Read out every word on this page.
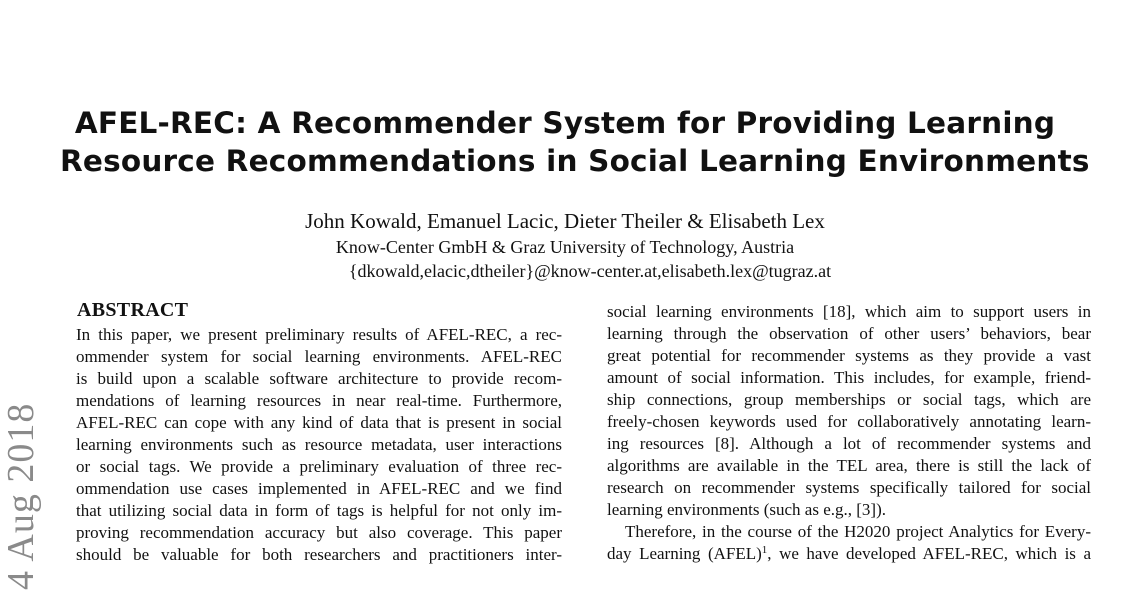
AFEL-REC: A Recommender System for Providing Learning
Resource Recommendations in Social Learning Environments
John Kowald, Emanuel Lacic, Dieter Theiler & Elisabeth Lex
Know-Center GmbH & Graz University of Technology, Austria
{dkowald,elacic,dtheiler}@know-center.at,elisabeth.lex@tugraz.at
4 Aug 2018
ABSTRACT
In this paper, we present preliminary results of AFEL-REC, a rec-
ommender system for social learning environments. AFEL-REC
is build upon a scalable software architecture to provide recom-
mendations of learning resources in near real-time. Furthermore,
AFEL-REC can cope with any kind of data that is present in social
learning environments such as resource metadata, user interactions
or social tags. We provide a preliminary evaluation of three rec-
ommendation use cases implemented in AFEL-REC and we find
that utilizing social data in form of tags is helpful for not only im-
proving recommendation accuracy but also coverage. This paper
should be valuable for both researchers and practitioners inter-
social learning environments [18], which aim to support users in
learning through the observation of other users’ behaviors, bear
great potential for recommender systems as they provide a vast
amount of social information. This includes, for example, friend-
ship connections, group memberships or social tags, which are
freely-chosen keywords used for collaboratively annotating learn-
ing resources [8]. Although a lot of recommender systems and
algorithms are available in the TEL area, there is still the lack of
research on recommender systems specifically tailored for social
learning environments (such as e.g., [3]).
Therefore, in the course of the H2020 project Analytics for Every-
day Learning (AFEL)$^1$, we have developed AFEL-REC, which is a
